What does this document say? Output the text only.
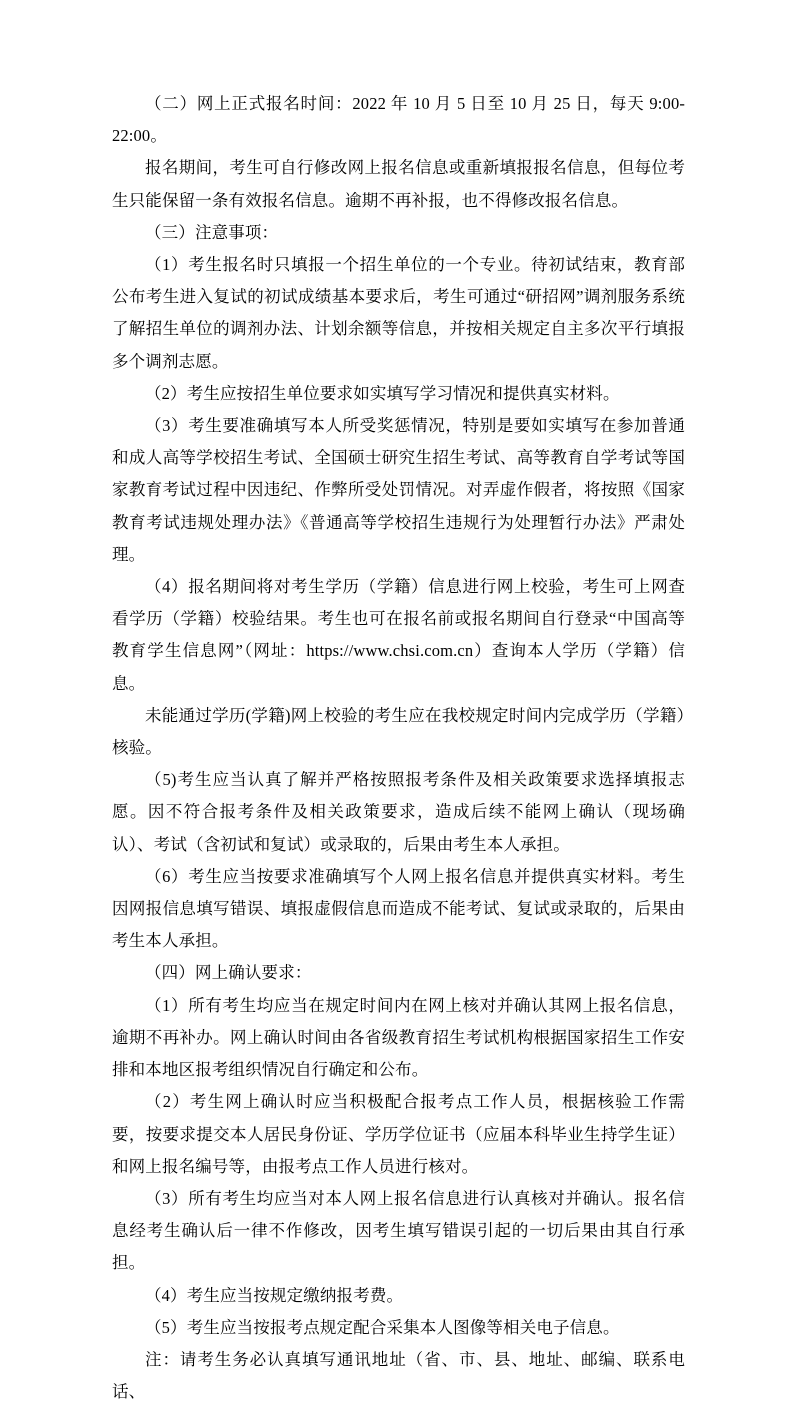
（二）网上正式报名时间：2022 年 10 月 5 日至 10 月 25 日，每天 9:00-22:00。

报名期间，考生可自行修改网上报名信息或重新填报报名信息，但每位考生只能保留一条有效报名信息。逾期不再补报，也不得修改报名信息。

（三）注意事项：

（1）考生报名时只填报一个招生单位的一个专业。待初试结束，教育部公布考生进入复试的初试成绩基本要求后，考生可通过“研招网”调剂服务系统了解招生单位的调剂办法、计划余额等信息，并按相关规定自主多次平行填报多个调剂志愿。

（2）考生应按招生单位要求如实填写学习情况和提供真实材料。

（3）考生要准确填写本人所受奖惩情况，特别是要如实填写在参加普通和成人高等学校招生考试、全国硕士研究生招生考试、高等教育自学考试等国家教育考试过程中因违纪、作弊所受处罚情况。对弄虚作假者，将按照《国家教育考试违规处理办法》《普通高等学校招生违规行为处理暂行办法》严肃处理。

（4）报名期间将对考生学历（学籍）信息进行网上校验，考生可上网查看学历（学籍）校验结果。考生也可在报名前或报名期间自行登录“中国高等教育学生信息网”（网址：https://www.chsi.com.cn）查询本人学历（学籍）信息。

未能通过学历(学籍)网上校验的考生应在我校规定时间内完成学历（学籍）核验。

（5)考生应当认真了解并严格按照报考条件及相关政策要求选择填报志愿。因不符合报考条件及相关政策要求，造成后续不能网上确认（现场确认）、考试（含初试和复试）或录取的，后果由考生本人承担。

（6）考生应当按要求准确填写个人网上报名信息并提供真实材料。考生因网报信息填写错误、填报虚假信息而造成不能考试、复试或录取的，后果由考生本人承担。

（四）网上确认要求：

（1）所有考生均应当在规定时间内在网上核对并确认其网上报名信息，逾期不再补办。网上确认时间由各省级教育招生考试机构根据国家招生工作安排和本地区报考组织情况自行确定和公布。

（2）考生网上确认时应当积极配合报考点工作人员，根据核验工作需要，按要求提交本人居民身份证、学历学位证书（应届本科毕业生持学生证）和网上报名编号等，由报考点工作人员进行核对。

（3）所有考生均应当对本人网上报名信息进行认真核对并确认。报名信息经考生确认后一律不作修改，因考生填写错误引起的一切后果由其自行承担。

（4）考生应当按规定缴纳报考费。

（5）考生应当按报考点规定配合采集本人图像等相关电子信息。

注：请考生务必认真填写通讯地址（省、市、县、地址、邮编、联系电话、
